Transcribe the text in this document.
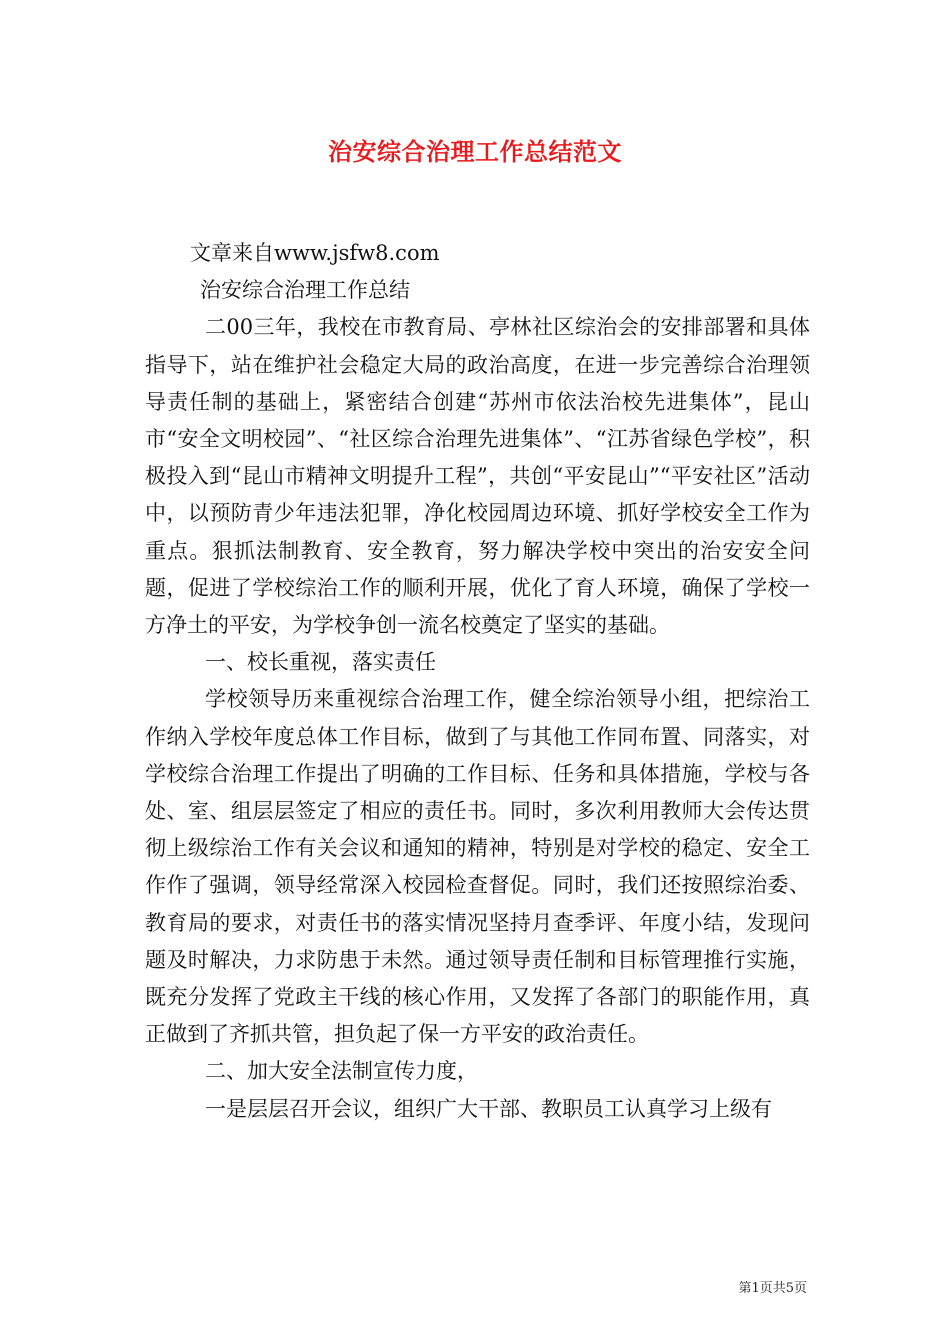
治安综合治理工作总结范文

文章来自www.jsfw8.com

治安综合治理工作总结

二00三年，我校在市教育局、亭林社区综治会的安排部署和具体指导下，站在维护社会稳定大局的政治高度，在进一步完善综合治理领导责任制的基础上，紧密结合创建“苏州市依法治校先进集体”，昆山市“安全文明校园”、“社区综合治理先进集体”、“江苏省绿色学校”，积极投入到“昆山市精神文明提升工程”，共创“平安昆山”“平安社区”活动中，以预防青少年违法犯罪，净化校园周边环境、抓好学校安全工作为重点。狠抓法制教育、安全教育，努力解决学校中突出的治安安全问题，促进了学校综治工作的顺利开展，优化了育人环境，确保了学校一方净土的平安，为学校争创一流名校奠定了坚实的基础。

一、校长重视，落实责任

学校领导历来重视综合治理工作，健全综治领导小组，把综治工作纳入学校年度总体工作目标，做到了与其他工作同布置、同落实，对学校综合治理工作提出了明确的工作目标、任务和具体措施，学校与各处、室、组层层签定了相应的责任书。同时，多次利用教师大会传达贯彻上级综治工作有关会议和通知的精神，特别是对学校的稳定、安全工作作了强调，领导经常深入校园检查督促。同时，我们还按照综治委、教育局的要求，对责任书的落实情况坚持月查季评、年度小结，发现问题及时解决，力求防患于未然。通过领导责任制和目标管理推行实施，既充分发挥了党政主干线的核心作用，又发挥了各部门的职能作用，真正做到了齐抓共管，担负起了保一方平安的政治责任。

二、加大安全法制宣传力度，

一是层层召开会议，组织广大干部、教职员工认真学习上级有

第1页共5页
